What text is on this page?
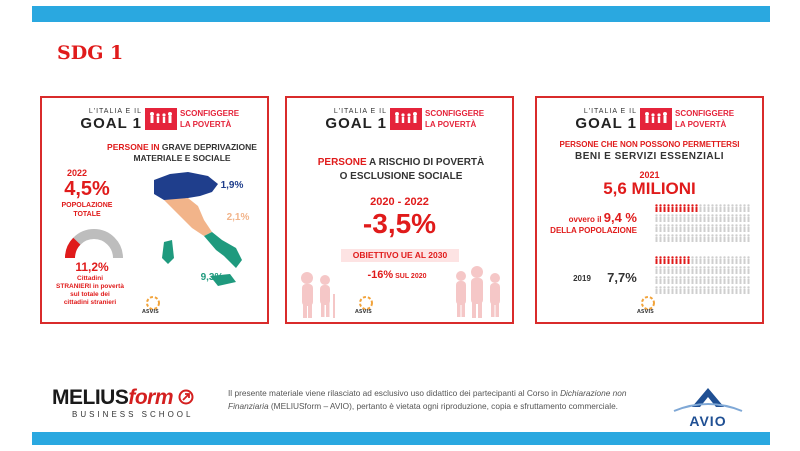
SDG 1
L'ITALIA E IL
GOAL 1
SCONFIGGERE
LA POVERTÀ
PERSONE IN GRAVE DEPRIVAZIONE
MATERIALE E SOCIALE
2022
4,5%
POPOLAZIONE
TOTALE
11,2%
Cittadini
STRANIERI in povertà
sul totale dei
cittadini stranieri
1,9%
2,1%
9,3%
ASVIS
L'ITALIA E IL
GOAL 1
SCONFIGGERE
LA POVERTÀ
PERSONE A RISCHIO DI POVERTÀ
O ESCLUSIONE SOCIALE
2020 - 2022
-3,5%
OBIETTIVO UE AL 2030
-16% SUL 2020
ASVIS
L'ITALIA E IL
GOAL 1
SCONFIGGERE
LA POVERTÀ
PERSONE CHE NON POSSONO PERMETTERSI
BENI E SERVIZI ESSENZIALI
2021
5,6 MILIONI
ovvero il 9,4 %
DELLA POPOLAZIONE
2019	7,7%
ASVIS
MELIUSform
BUSINESS SCHOOL
Il presente materiale viene rilasciato ad esclusivo uso didattico dei partecipanti al Corso in Dichiarazione non Finanziaria (MELIUSform – AVIO), pertanto è vietata ogni riproduzione, copia e sfruttamento commerciale.
AVIO
